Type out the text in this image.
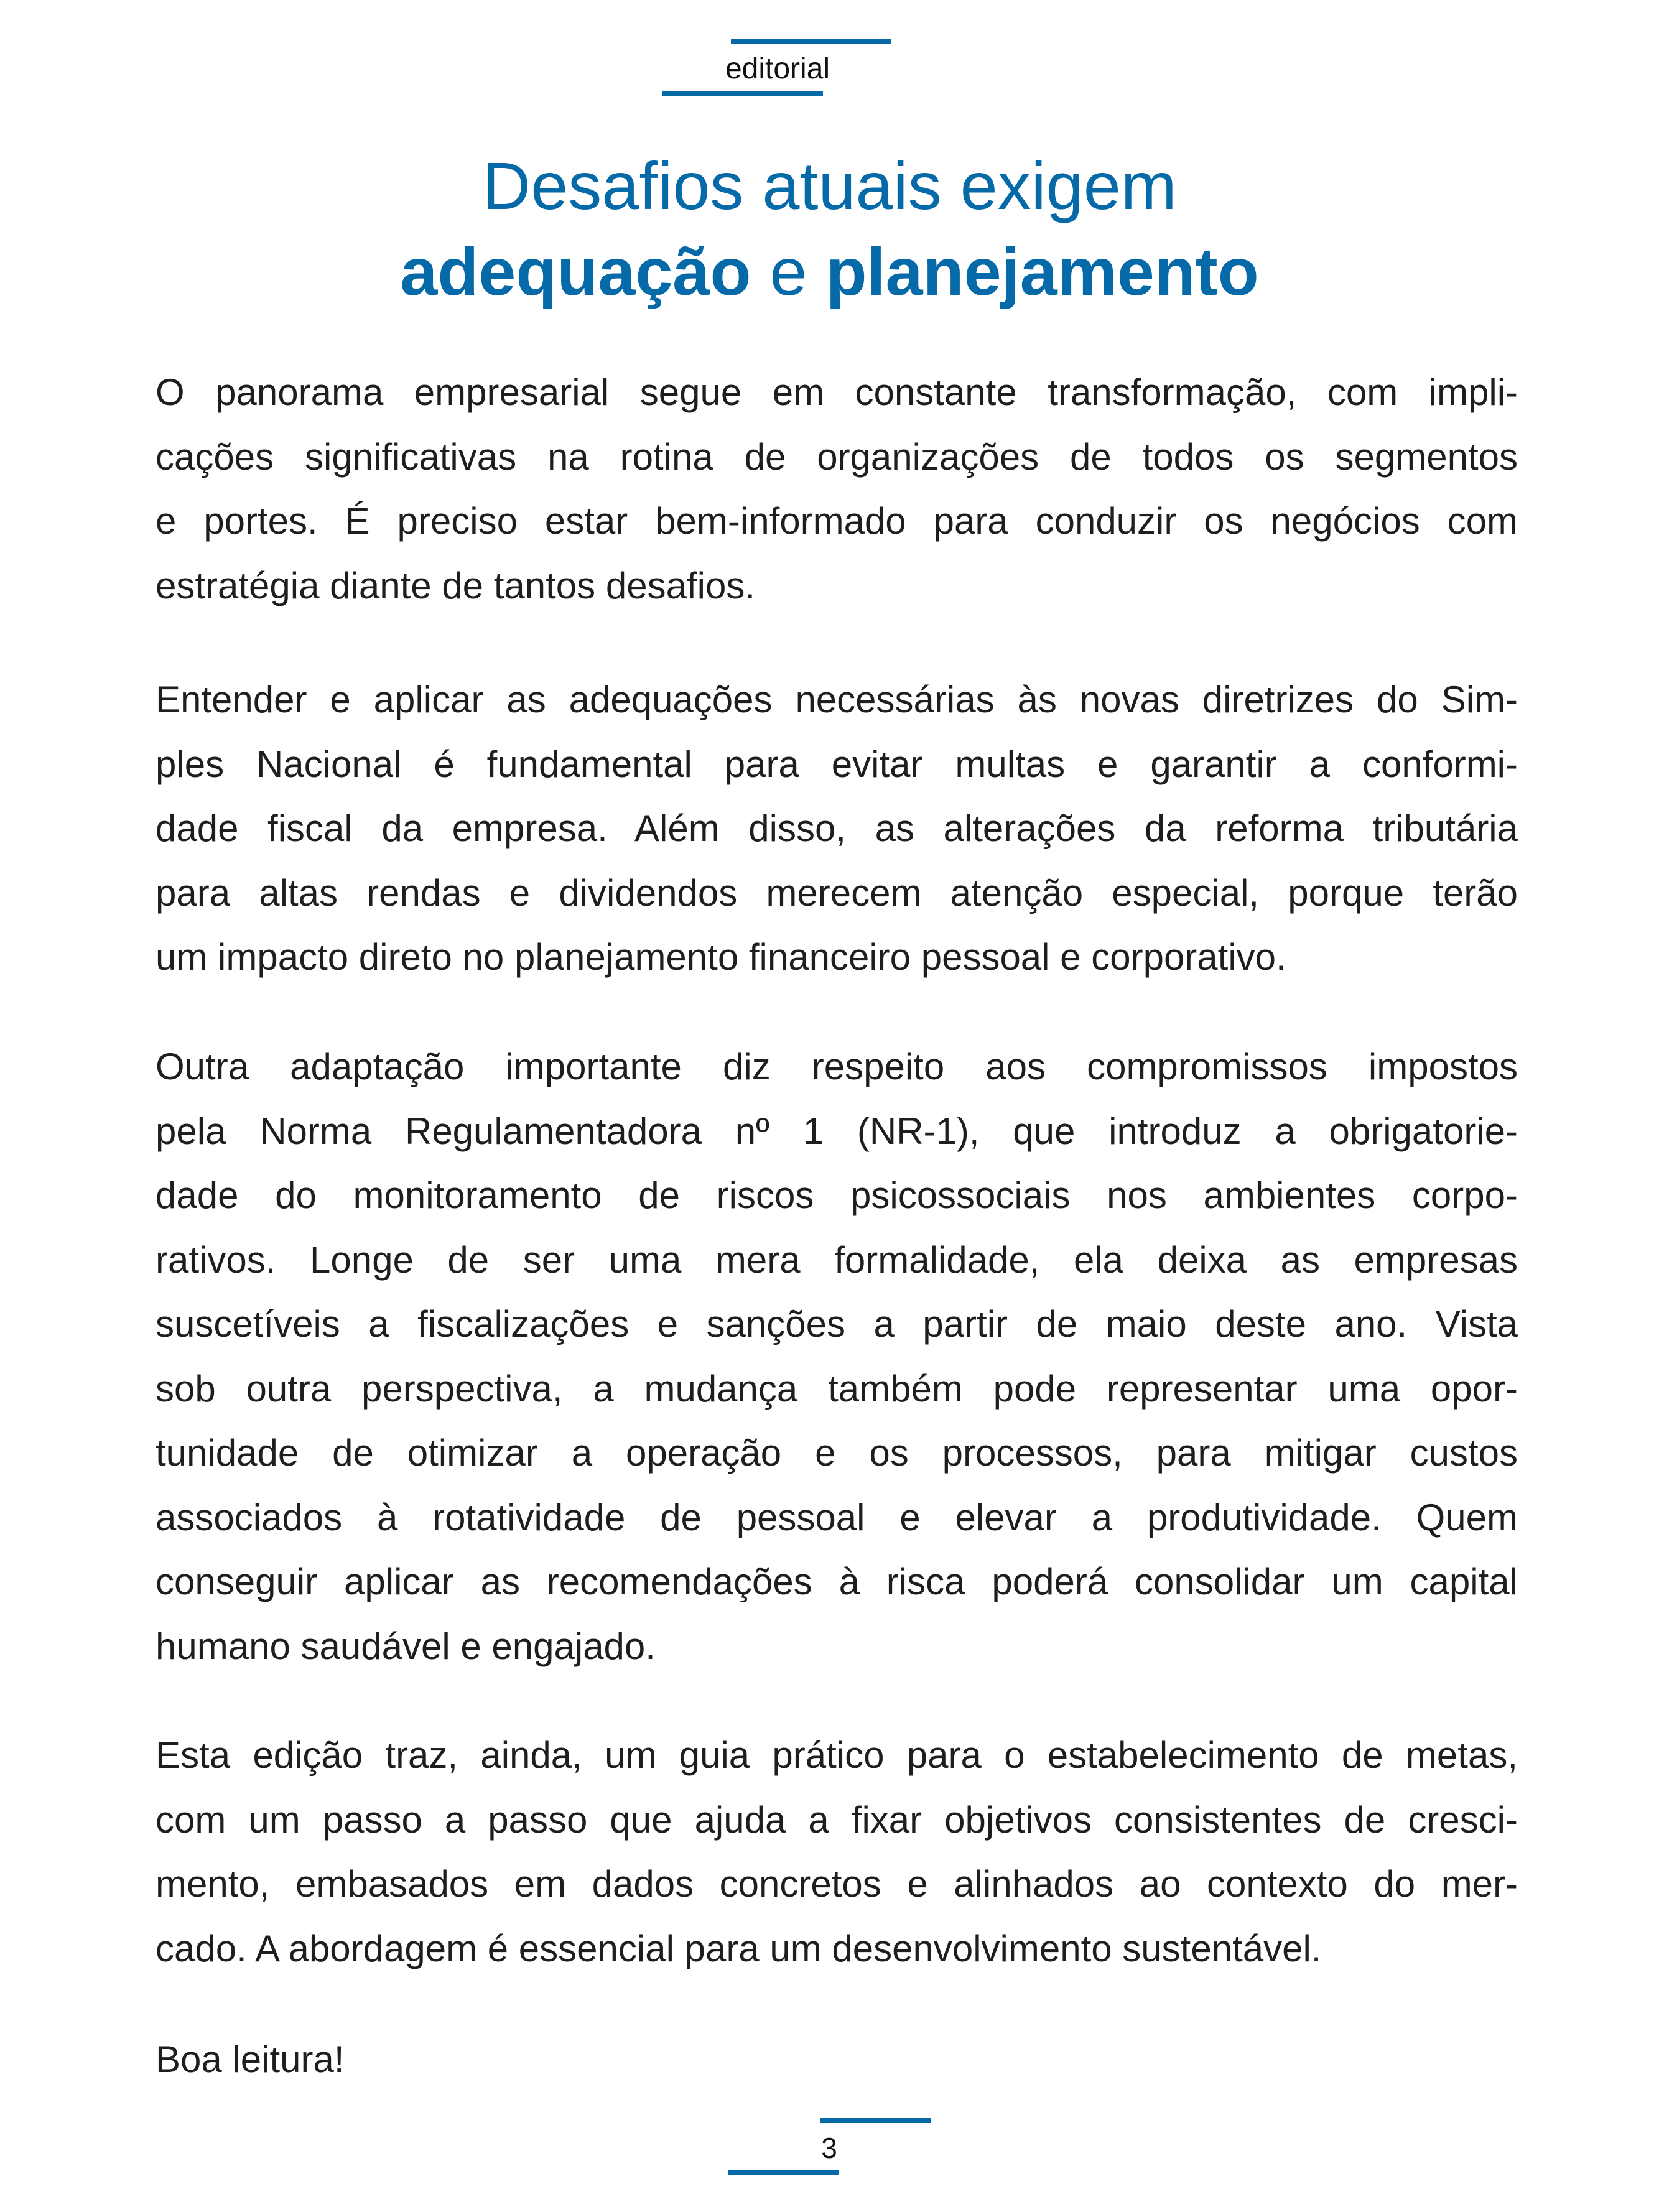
editorial
Desafios atuais exigem
adequação e planejamento
O panorama empresarial segue em constante transformação, com impli-
cações significativas na rotina de organizações de todos os segmentos
e portes. É preciso estar bem-informado para conduzir os negócios com
estratégia diante de tantos desafios.
Entender e aplicar as adequações necessárias às novas diretrizes do Sim-
ples Nacional é fundamental para evitar multas e garantir a conformi-
dade fiscal da empresa. Além disso, as alterações da reforma tributária
para altas rendas e dividendos merecem atenção especial, porque terão
um impacto direto no planejamento financeiro pessoal e corporativo.
Outra adaptação importante diz respeito aos compromissos impostos
pela Norma Regulamentadora nº 1 (NR-1), que introduz a obrigatorie-
dade do monitoramento de riscos psicossociais nos ambientes corpo-
rativos. Longe de ser uma mera formalidade, ela deixa as empresas
suscetíveis a fiscalizações e sanções a partir de maio deste ano. Vista
sob outra perspectiva, a mudança também pode representar uma opor-
tunidade de otimizar a operação e os processos, para mitigar custos
associados à rotatividade de pessoal e elevar a produtividade. Quem
conseguir aplicar as recomendações à risca poderá consolidar um capital
humano saudável e engajado.
Esta edição traz, ainda, um guia prático para o estabelecimento de metas,
com um passo a passo que ajuda a fixar objetivos consistentes de cresci-
mento, embasados em dados concretos e alinhados ao contexto do mer-
cado. A abordagem é essencial para um desenvolvimento sustentável.
Boa leitura!
3
